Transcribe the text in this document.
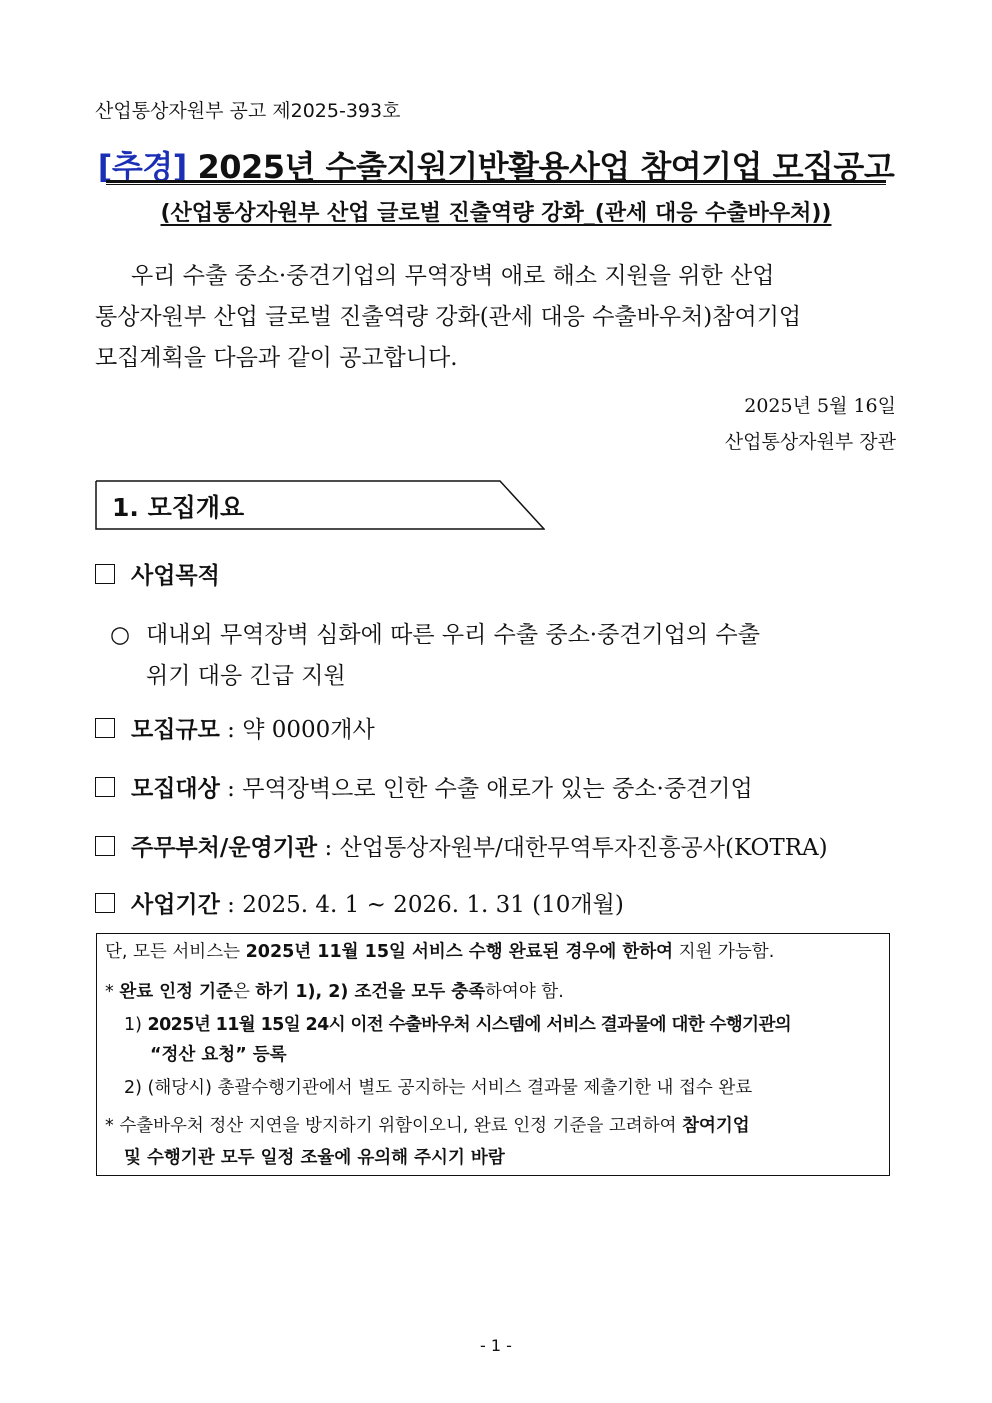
산업통상자원부 공고 제2025-393호
[추경] 2025년 수출지원기반활용사업 참여기업 모집공고
(산업통상자원부 산업 글로벌 진출역량 강화_(관세 대응 수출바우처))
우리 수출 중소·중견기업의 무역장벽 애로 해소 지원을 위한 산업
통상자원부 산업 글로벌 진출역량 강화(관세 대응 수출바우처)참여기업
모집계획을 다음과 같이 공고합니다.
2025년 5월 16일
산업통상자원부 장관
1. 모집개요
사업목적
○ 대내외 무역장벽 심화에 따른 우리 수출 중소·중견기업의 수출
위기 대응 긴급 지원
모집규모 : 약 0000개사
모집대상 : 무역장벽으로 인한 수출 애로가 있는 중소·중견기업
주무부처/운영기관 : 산업통상자원부/대한무역투자진흥공사(KOTRA)
사업기간 : 2025. 4. 1 ~ 2026. 1. 31 (10개월)
단, 모든 서비스는 2025년 11월 15일 서비스 수행 완료된 경우에 한하여 지원 가능함.
* 완료 인정 기준은 하기 1), 2) 조건을 모두 충족하여야 함.
1) 2025년 11월 15일 24시 이전 수출바우처 시스템에 서비스 결과물에 대한 수행기관의
“정산 요청” 등록
2) (해당시) 총괄수행기관에서 별도 공지하는 서비스 결과물 제출기한 내 접수 완료
* 수출바우처 정산 지연을 방지하기 위함이오니, 완료 인정 기준을 고려하여 참여기업
및 수행기관 모두 일정 조율에 유의해 주시기 바람
- 1 -
